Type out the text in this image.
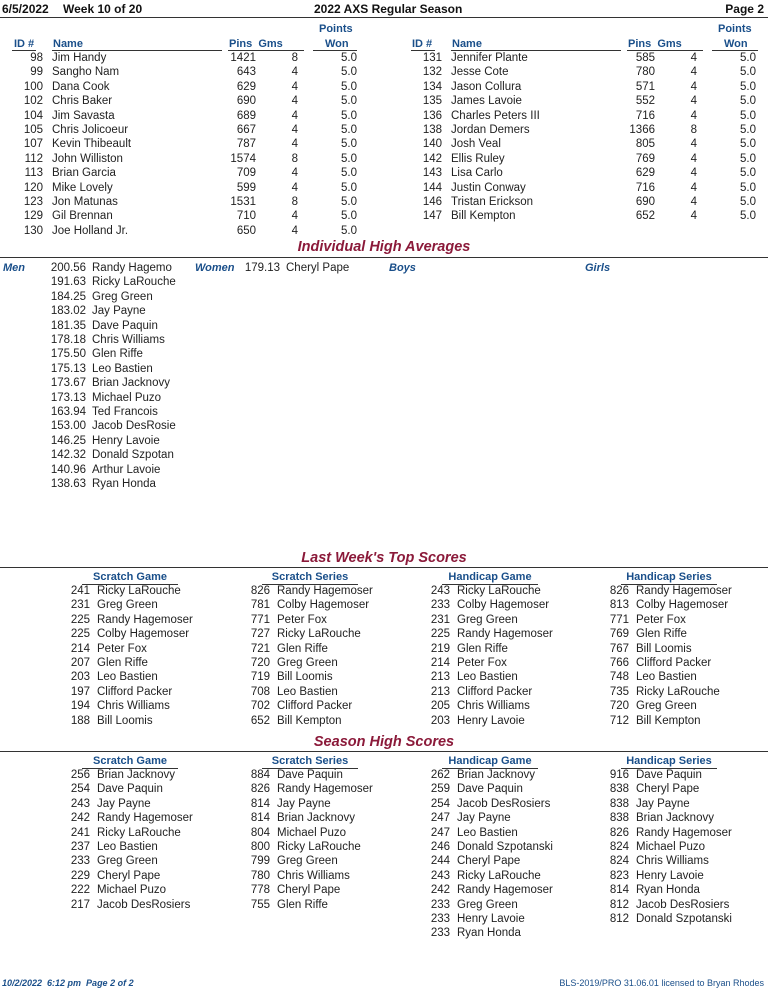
6/5/2022 Week 10 of 20	2022 AXS Regular Season	Page 2
ID # Name	Pins  Gms
Points
Won	ID # Name	Pins  Gms
Points
Won
98 Jim Handy	1421	8	5.0
99 Sangho Nam	643	4	5.0
100 Dana Cook	629	4	5.0
102 Chris Baker	690	4	5.0
104 Jim Savasta	689	4	5.0
105 Chris Jolicoeur	667	4	5.0
107 Kevin Thibeault	787	4	5.0
112 John Williston	1574	8	5.0
113 Brian Garcia	709	4	5.0
120 Mike Lovely	599	4	5.0
123 Jon Matunas	1531	8	5.0
129 Gil Brennan	710	4	5.0
130 Joe Holland Jr.	650	4	5.0
131 Jennifer Plante	585	4	5.0
132 Jesse Cote	780	4	5.0
134 Jason Collura	571	4	5.0
135 James Lavoie	552	4	5.0
136 Charles Peters III	716	4	5.0
138 Jordan Demers	1366	8	5.0
140 Josh Veal	805	4	5.0
142 Ellis Ruley	769	4	5.0
143 Lisa Carlo	629	4	5.0
144 Justin Conway	716	4	5.0
146 Tristan Erickson	690	4	5.0
147 Bill Kempton	652	4	5.0
Individual High Averages
Men	Women	Boys	Girls
200.56 Randy Hagemo
191.63 Ricky LaRouche
184.25 Greg Green
183.02 Jay Payne
181.35 Dave Paquin
178.18 Chris Williams
175.50 Glen Riffe
175.13 Leo Bastien
173.67 Brian Jacknovy
173.13 Michael Puzo
163.94 Ted Francois
153.00 Jacob DesRosie
146.25 Henry Lavoie
142.32 Donald Szpotan
140.96 Arthur Lavoie
138.63 Ryan Honda
179.13 Cheryl Pape
Last Week's Top Scores
Scratch Game
241 Ricky LaRouche
231 Greg Green
225 Randy Hagemoser
225 Colby Hagemoser
214 Peter Fox
207 Glen Riffe
203 Leo Bastien
197 Clifford Packer
194 Chris Williams
188 Bill Loomis
Scratch Series
826 Randy Hagemoser
781 Colby Hagemoser
771 Peter Fox
727 Ricky LaRouche
721 Glen Riffe
720 Greg Green
719 Bill Loomis
708 Leo Bastien
702 Clifford Packer
652 Bill Kempton
Handicap Game
243 Ricky LaRouche
233 Colby Hagemoser
231 Greg Green
225 Randy Hagemoser
219 Glen Riffe
214 Peter Fox
213 Leo Bastien
213 Clifford Packer
205 Chris Williams
203 Henry Lavoie
Handicap Series
826 Randy Hagemoser
813 Colby Hagemoser
771 Peter Fox
769 Glen Riffe
767 Bill Loomis
766 Clifford Packer
748 Leo Bastien
735 Ricky LaRouche
720 Greg Green
712 Bill Kempton
Season High Scores
Scratch Game
256 Brian Jacknovy
254 Dave Paquin
243 Jay Payne
242 Randy Hagemoser
241 Ricky LaRouche
237 Leo Bastien
233 Greg Green
229 Cheryl Pape
222 Michael Puzo
217 Jacob DesRosiers
Scratch Series
884 Dave Paquin
826 Randy Hagemoser
814 Jay Payne
814 Brian Jacknovy
804 Michael Puzo
800 Ricky LaRouche
799 Greg Green
780 Chris Williams
778 Cheryl Pape
755 Glen Riffe
Handicap Game
262 Brian Jacknovy
259 Dave Paquin
254 Jacob DesRosiers
247 Jay Payne
247 Leo Bastien
246 Donald Szpotanski
244 Cheryl Pape
243 Ricky LaRouche
242 Randy Hagemoser
233 Greg Green
233 Henry Lavoie
233 Ryan Honda
Handicap Series
916 Dave Paquin
838 Cheryl Pape
838 Jay Payne
838 Brian Jacknovy
826 Randy Hagemoser
824 Michael Puzo
824 Chris Williams
823 Henry Lavoie
814 Ryan Honda
812 Jacob DesRosiers
812 Donald Szpotanski
10/2/2022  6:12 pm  Page 2 of 2	BLS-2019/PRO 31.06.01 licensed to Bryan Rhodes
